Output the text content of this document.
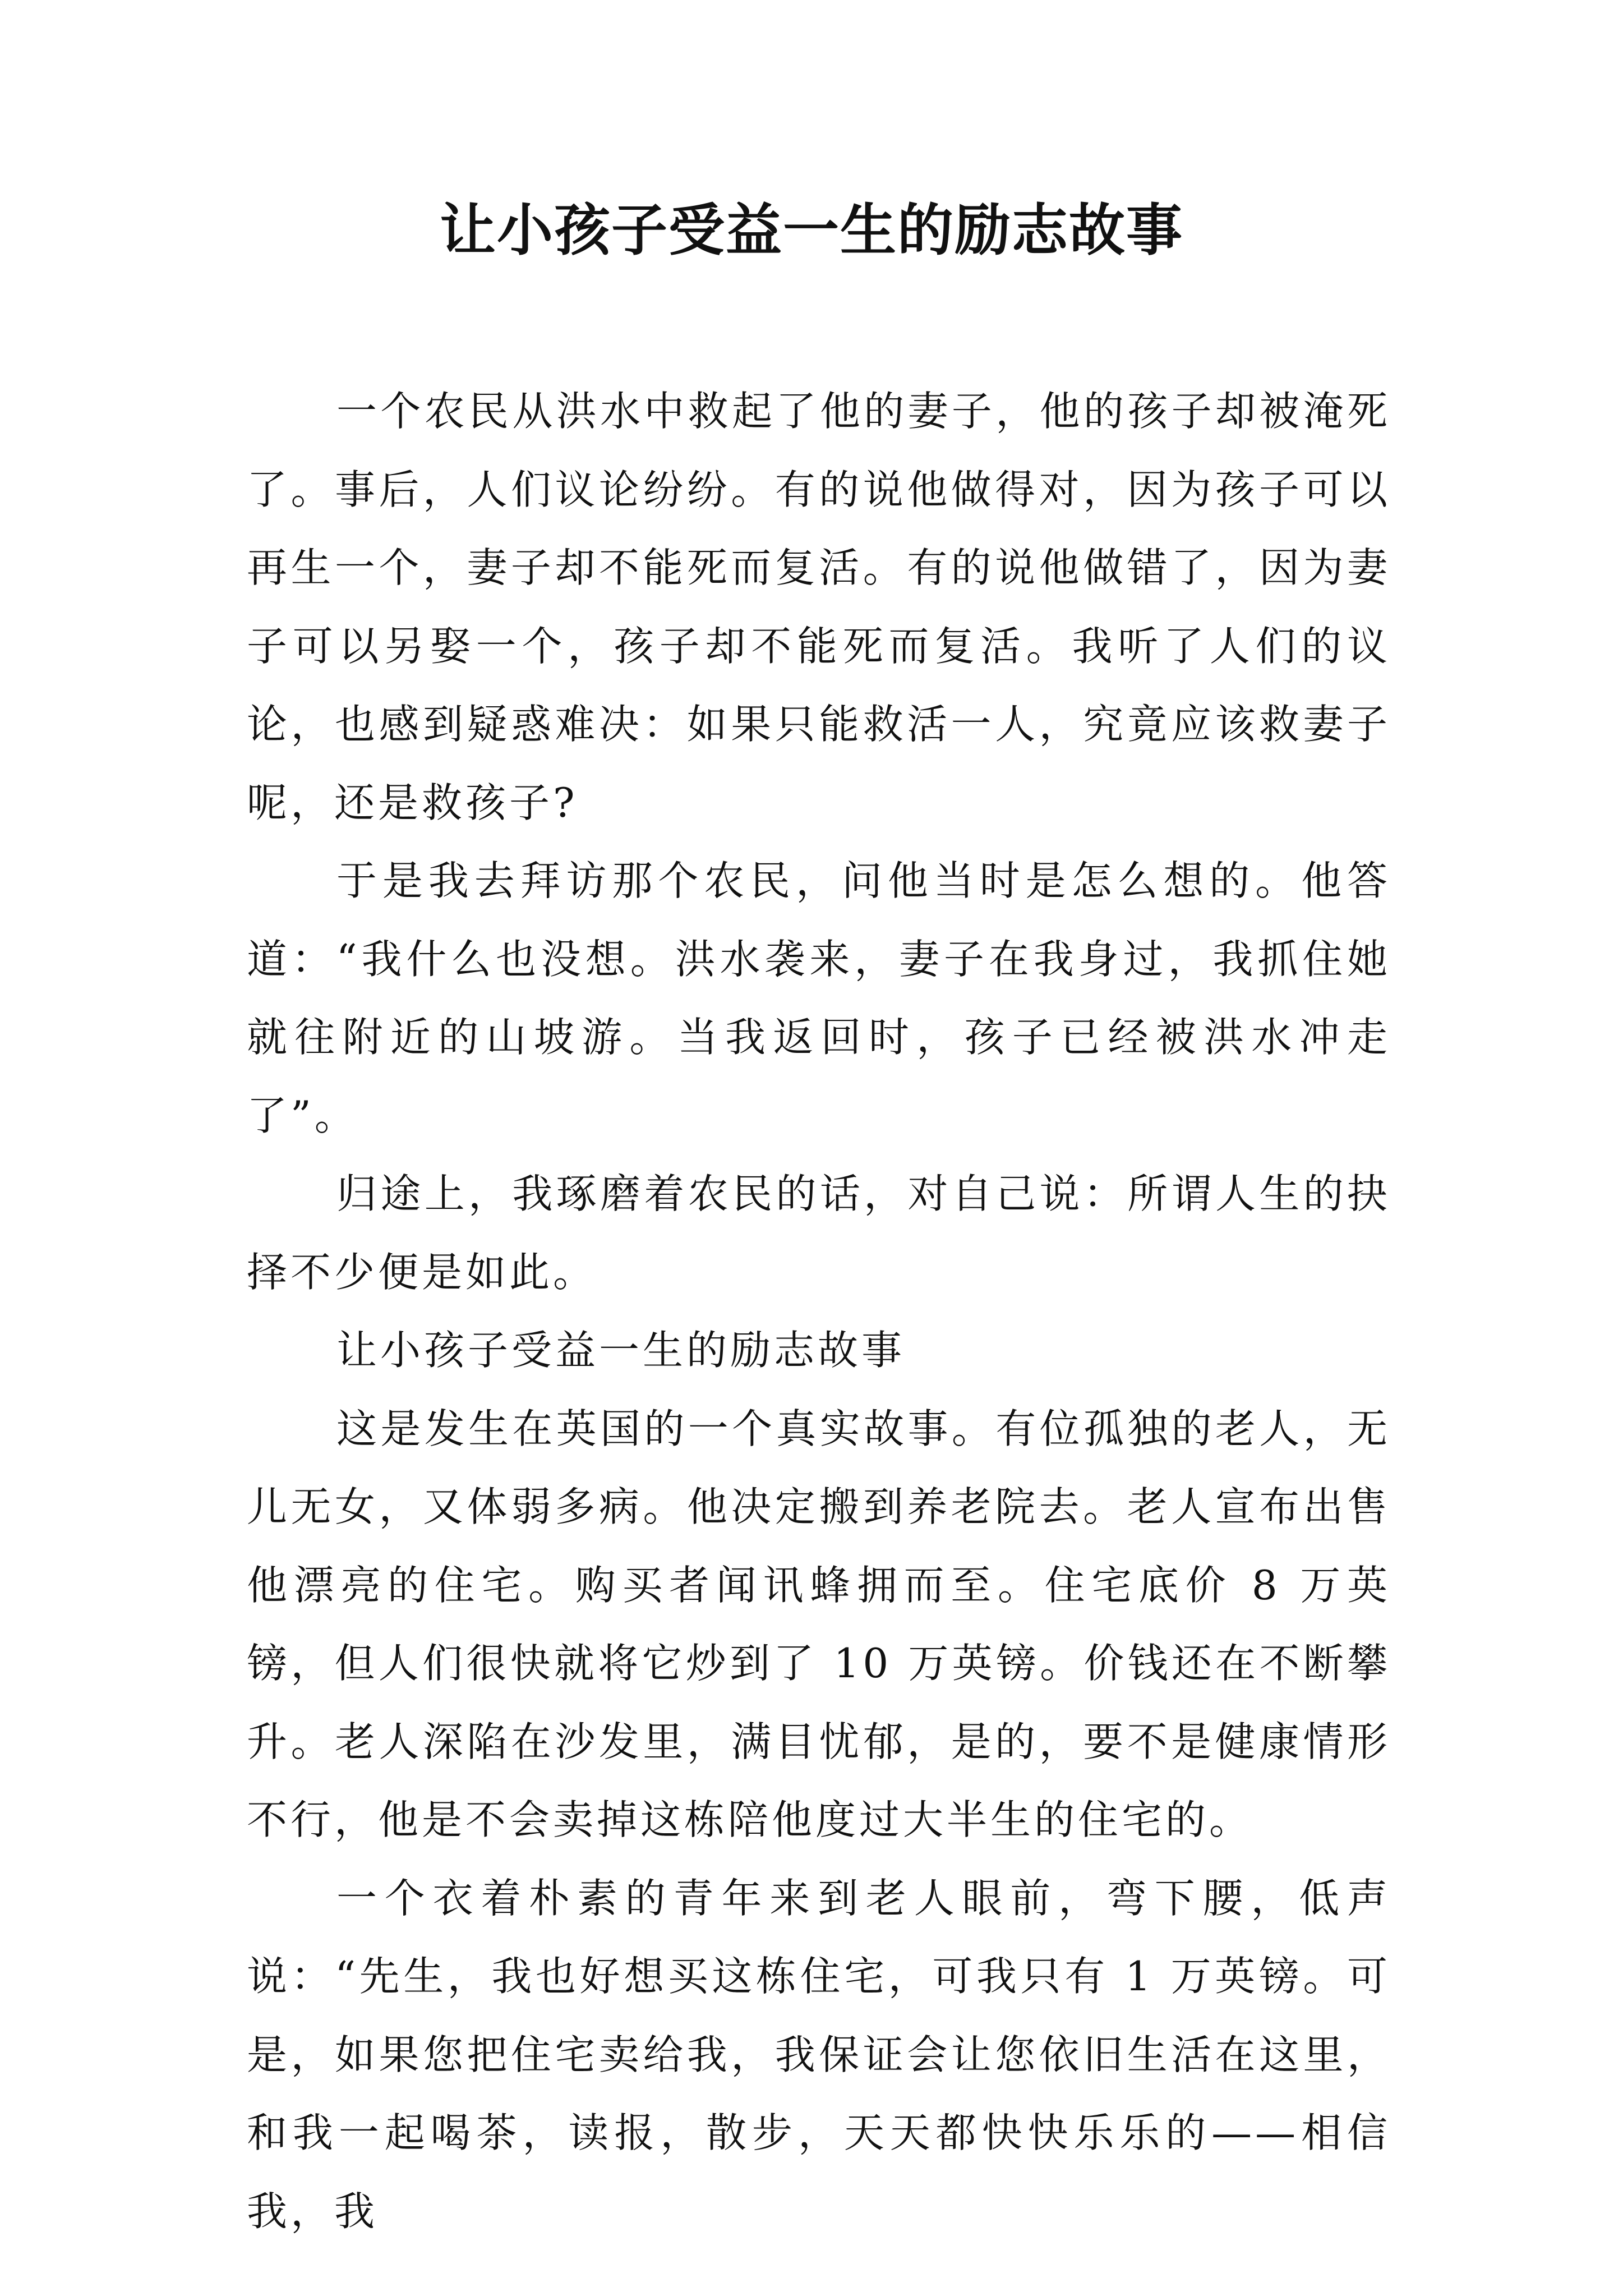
让小孩子受益一生的励志故事

一个农民从洪水中救起了他的妻子，他的孩子却被淹死了。事后，人们议论纷纷。有的说他做得对，因为孩子可以再生一个，妻子却不能死而复活。有的说他做错了，因为妻子可以另娶一个，孩子却不能死而复活。我听了人们的议论，也感到疑惑难决：如果只能救活一人，究竟应该救妻子呢，还是救孩子?

于是我去拜访那个农民，问他当时是怎么想的。他答道：“我什么也没想。洪水袭来，妻子在我身过，我抓住她就往附近的山坡游。当我返回时，孩子已经被洪水冲走了”。

归途上，我琢磨着农民的话，对自己说：所谓人生的抉择不少便是如此。

让小孩子受益一生的励志故事

这是发生在英国的一个真实故事。有位孤独的老人，无儿无女，又体弱多病。他决定搬到养老院去。老人宣布出售他漂亮的住宅。购买者闻讯蜂拥而至。住宅底价 8 万英镑，但人们很快就将它炒到了 10 万英镑。价钱还在不断攀升。老人深陷在沙发里，满目忧郁，是的，要不是健康情形不行，他是不会卖掉这栋陪他度过大半生的住宅的。

一个衣着朴素的青年来到老人眼前，弯下腰，低声说：“先生，我也好想买这栋住宅，可我只有 1 万英镑。可是，如果您把住宅卖给我，我保证会让您依旧生活在这里，和我一起喝茶，读报，散步，天天都快快乐乐的——相信我，我
